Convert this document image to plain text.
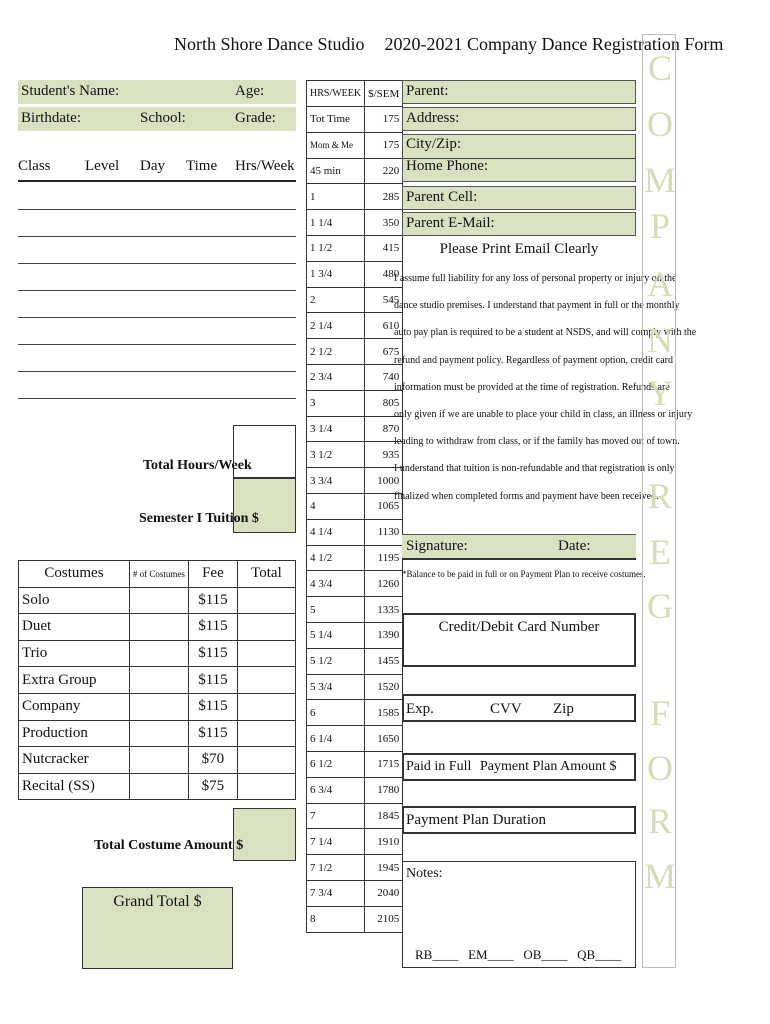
North Shore Dance Studio 2020-2021 Company Dance Registration Form
Student's Name:	Age:
Birthdate:	School:	Grade:
Class Level Day Time Hrs/Week
Total Hours/Week
Semester I Tuition $
Costumes	# of Costumes	Fee	Total
Solo		$115	
Duet		$115	
Trio		$115	
Extra Group		$115	
Company		$115	
Production		$115	
Nutcracker		$70	
Recital (SS)		$75	
Total Costume Amount $
Grand Total $
HRS/WEEK	$/SEM
Tot Time	175
Mom & Me	175
45 min	220
1	285
1 1/4	350
1 1/2	415
1 3/4	480
2	545
2 1/4	610
2 1/2	675
2 3/4	740
3	805
3 1/4	870
3 1/2	935
3 3/4	1000
4	1065
4 1/4	1130
4 1/2	1195
4 3/4	1260
5	1335
5 1/4	1390
5 1/2	1455
5 3/4	1520
6	1585
6 1/4	1650
6 1/2	1715
6 3/4	1780
7	1845
7 1/4	1910
7 1/2	1945
7 3/4	2040
8	2105
Parent:
Address:
City/Zip:
Home Phone:
Parent Cell:
Parent E-Mail:
Please Print Email Clearly
I assume full liability for any loss of personal property or injury on the
dance studio premises. I understand that payment in full or the monthly
auto pay plan is required to be a student at NSDS, and will comply with the
refund and payment policy. Regardless of payment option, credit card
information must be provided at the time of registration. Refunds are
only given if we are unable to place your child in class, an illness or injury
leading to withdraw from class, or if the family has moved out of town.
I understand that tuition is non-refundable and that registration is only
finalized when completed forms and payment have been received.
Signature:	Date:
*Balance to be paid in full or on Payment Plan to receive costumes.
Credit/Debit Card Number
Exp.	CVV Zip
Paid in Full Payment Plan Amount $
Payment Plan Duration
Notes:
RB____   EM____   OB____   QB____
C
O
M
P
A
N
Y
R
E
G
F
O
R
M
